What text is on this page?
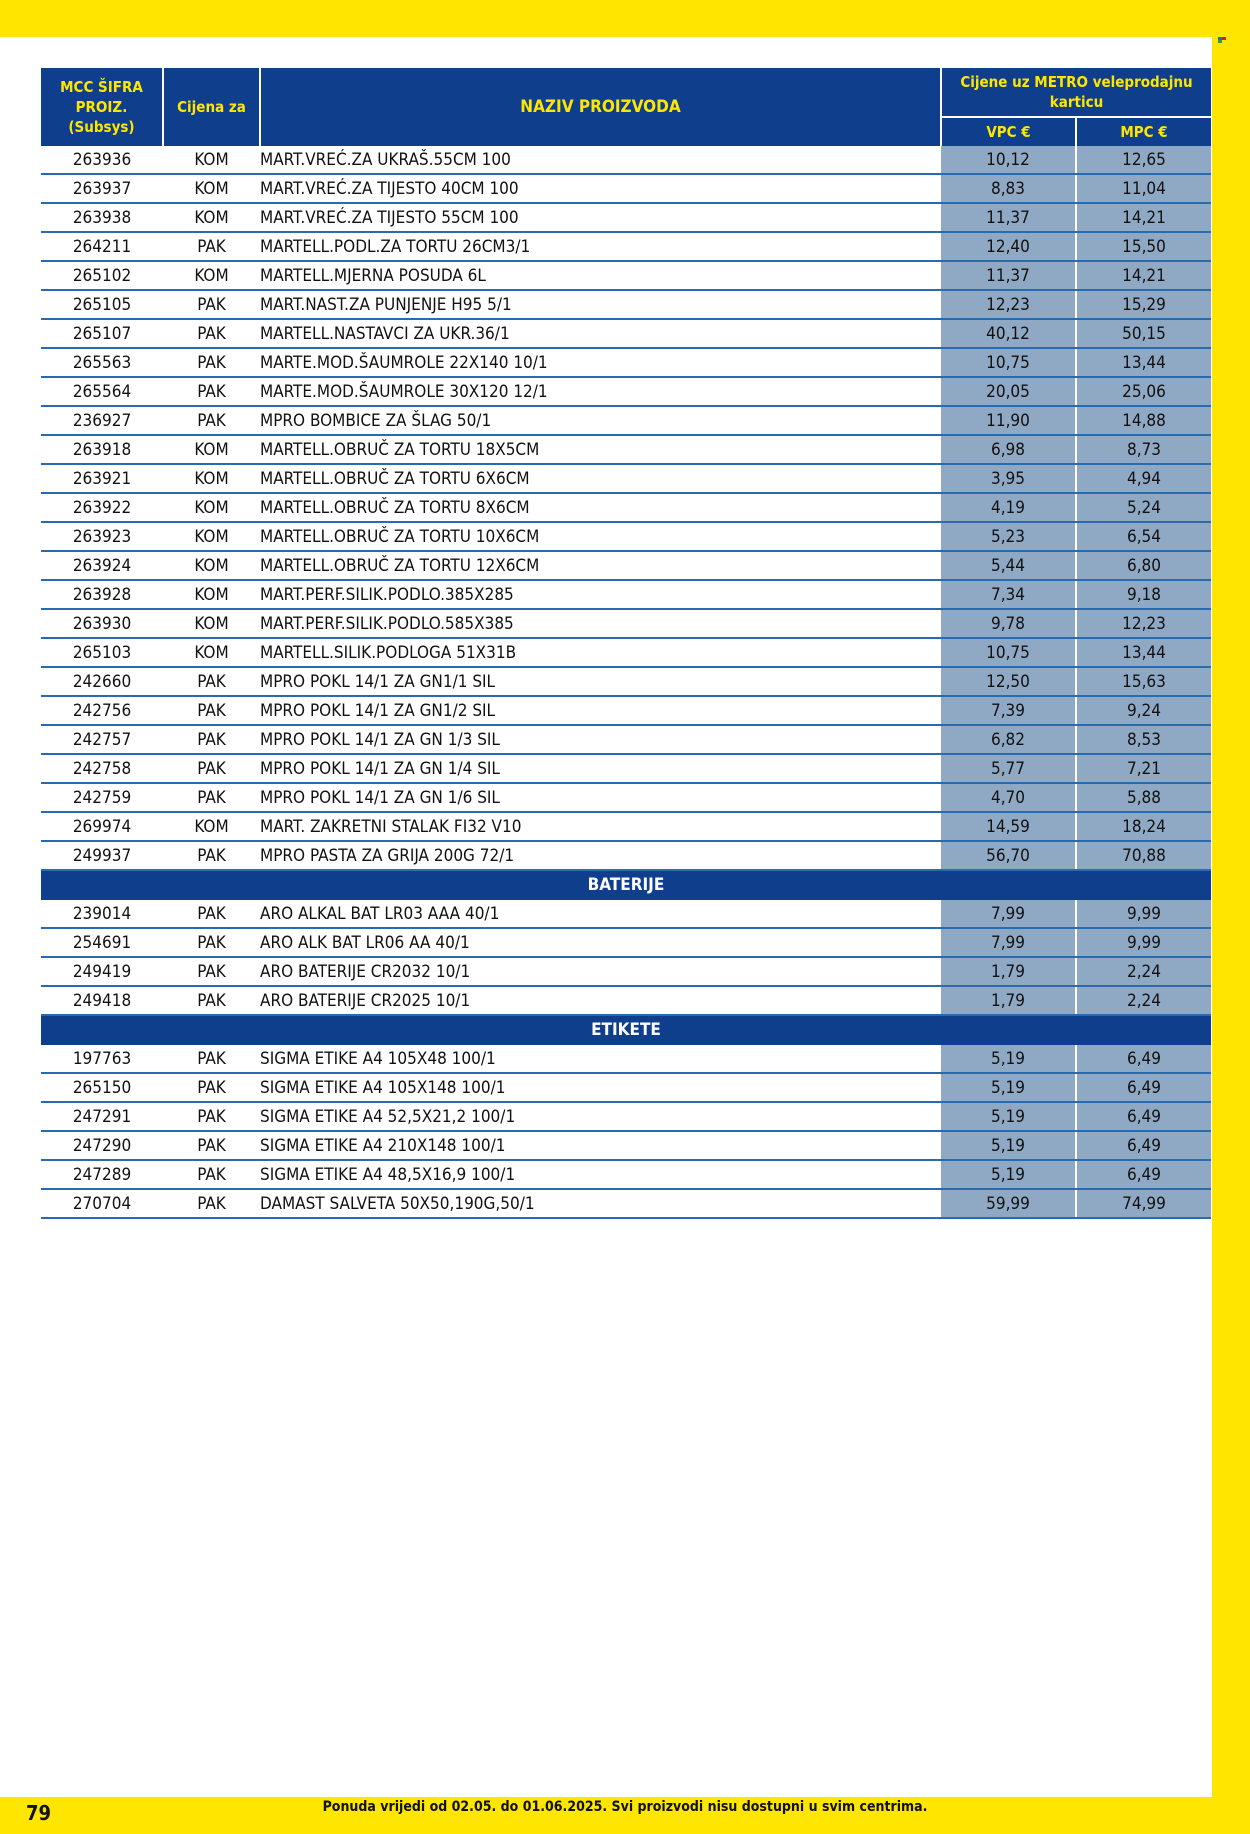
MCC ŠIFRA PROIZ. (Subsys)	Cijena za	NAZIV PROIZVODA	Cijene uz METRO veleprodajnu karticu	
			VPC €	MPC €
263936	KOM	MART.VREĆ.ZA UKRAŠ.55CM 100	10,12	12,65
263937	KOM	MART.VREĆ.ZA TIJESTO 40CM 100	8,83	11,04
263938	KOM	MART.VREĆ.ZA TIJESTO 55CM 100	11,37	14,21
264211	PAK	MARTELL.PODL.ZA TORTU 26CM3/1	12,40	15,50
265102	KOM	MARTELL.MJERNA POSUDA 6L	11,37	14,21
265105	PAK	MART.NAST.ZA PUNJENJE H95 5/1	12,23	15,29
265107	PAK	MARTELL.NASTAVCI ZA UKR.36/1	40,12	50,15
265563	PAK	MARTE.MOD.ŠAUMROLE 22X140 10/1	10,75	13,44
265564	PAK	MARTE.MOD.ŠAUMROLE 30X120 12/1	20,05	25,06
236927	PAK	MPRO BOMBICE ZA ŠLAG 50/1	11,90	14,88
263918	KOM	MARTELL.OBRUČ ZA TORTU 18X5CM	6,98	8,73
263921	KOM	MARTELL.OBRUČ ZA TORTU 6X6CM	3,95	4,94
263922	KOM	MARTELL.OBRUČ ZA TORTU 8X6CM	4,19	5,24
263923	KOM	MARTELL.OBRUČ ZA TORTU 10X6CM	5,23	6,54
263924	KOM	MARTELL.OBRUČ ZA TORTU 12X6CM	5,44	6,80
263928	KOM	MART.PERF.SILIK.PODLO.385X285	7,34	9,18
263930	KOM	MART.PERF.SILIK.PODLO.585X385	9,78	12,23
265103	KOM	MARTELL.SILIK.PODLOGA 51X31B	10,75	13,44
242660	PAK	MPRO POKL 14/1 ZA GN1/1 SIL	12,50	15,63
242756	PAK	MPRO POKL 14/1 ZA GN1/2 SIL	7,39	9,24
242757	PAK	MPRO POKL 14/1 ZA GN 1/3 SIL	6,82	8,53
242758	PAK	MPRO POKL 14/1 ZA GN 1/4 SIL	5,77	7,21
242759	PAK	MPRO POKL 14/1 ZA GN 1/6 SIL	4,70	5,88
269974	KOM	MART. ZAKRETNI STALAK FI32 V10	14,59	18,24
249937	PAK	MPRO PASTA ZA GRIJA 200G 72/1	56,70	70,88
BATERIJE				
239014	PAK	ARO ALKAL BAT LR03 AAA 40/1	7,99	9,99
254691	PAK	ARO ALK BAT LR06 AA 40/1	7,99	9,99
249419	PAK	ARO BATERIJE CR2032 10/1	1,79	2,24
249418	PAK	ARO BATERIJE CR2025 10/1	1,79	2,24
ETIKETE				
197763	PAK	SIGMA ETIKE A4 105X48 100/1	5,19	6,49
265150	PAK	SIGMA ETIKE A4 105X148 100/1	5,19	6,49
247291	PAK	SIGMA ETIKE A4 52,5X21,2 100/1	5,19	6,49
247290	PAK	SIGMA ETIKE A4 210X148 100/1	5,19	6,49
247289	PAK	SIGMA ETIKE A4 48,5X16,9 100/1	5,19	6,49
270704	PAK	DAMAST SALVETA 50X50,190G,50/1	59,99	74,99
79	Ponuda vrijedi od 02.05. do 01.06.2025. Svi proizvodi nisu dostupni u svim centrima.
